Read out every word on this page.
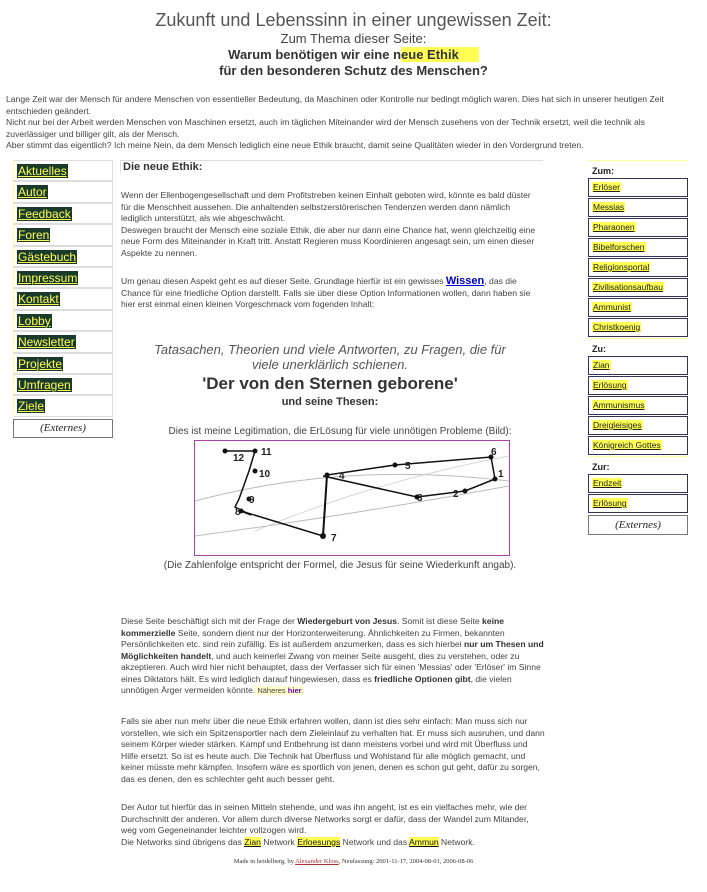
Zukunft und Lebenssinn in einer ungewissen Zeit:
Zum Thema dieser Seite:
Warum benötigen wir eine neue Ethik
für den besonderen Schutz des Menschen?
Lange Zeit war der Mensch für andere Menschen von essentieller Bedeutung, da Maschinen oder Kontrolle nur bedingt möglich waren. Dies hat sich in unserer heutigen Zeit entschieden geändert.
Nicht nur bei der Arbeit werden Menschen von Maschinen ersetzt, auch im täglichen Miteinander wird der Mensch zusehens von der Technik ersetzt, weil die technik als zuverlässiger und billiger gilt, als der Mensch.
Aber stimmt das eigentlich? Ich meine Nein, da dem Mensch lediglich eine neue Ethik braucht, damit seine Qualitäten wieder in den Vordergrund treten.
Aktuelles
Autor
Feedback
Foren
Gästebuch
Impressum
Kontakt
Lobby
Newsletter
Projekte
Umfragen
Ziele
(Externes)
Die neue Ethik:
Wenn der Ellenbogengesellschaft und dem Profitstreben keinen Einhalt geboten wird, könnte es bald düster für die Menschheit aussehen. Die anhaltenden selbstzerstörerischen Tendenzen werden dann nämlich lediglich unterstützt, als wie abgeschwächt.
Deswegen braucht der Mensch eine soziale Ethik, die aber nur dann eine Chance hat, wenn gleichzeitig eine neue Form des Miteinander in Kraft tritt. Anstatt Regieren muss Koordinieren angesagt sein, um einen dieser Aspekte zu nennen.
Um genau diesen Aspekt geht es auf dieser Seite. Grundlage hierfür ist ein gewisses Wissen, das die Chance für eine friedliche Option darstellt. Falls sie über diese Option Informationen wollen, dann haben sie hier erst einmal einen kleinen Vorgeschmack vom fogenden Inhalt:
Tatasachen, Theorien und viele Antworten, zu Fragen, die für viele unerklärlich schienen.
'Der von den Sternen geborene'
und seine Thesen:
Dies ist meine Legitimation, die ErLösung für viele unnötigen Probleme (Bild):
1
2
3
4
5
6
7
8
9
10
11
12
(Die Zahlenfolge entspricht der Formel, die Jesus für seine Wiederkunft angab).
Diese Seite beschäftigt sich mit der Frage der Wiedergeburt von Jesus. Somit ist diese Seite keine kommerzielle Seite, sondern dient nur der Horizonterweiterung. Ähnlichkeiten zu Firmen, bekannten Persönlichkeiten etc. sind rein zufällig. Es ist außerdem anzumerken, dass es sich hierbei nur um Thesen und Möglichkeiten handelt, und auch keinerlei Zwang von meiner Seite ausgeht, dies zu verstehen, oder zu akzeptieren. Auch wird hier nicht behauptet, dass der Verfasser sich für einen 'Messias' oder 'Erlöser' im Sinne eines Diktators hält. Es wird lediglich darauf hingewiesen, dass es friedliche Optionen gibt, die vielen unnötigen Ärger vermeiden könnte. Näheres hier.
Falls sie aber nun mehr über die neue Ethik erfahren wollen, dann ist dies sehr einfach: Man muss sich nur vorstellen, wie sich ein Spitzensportler nach dem Zieleinlauf zu verhalten hat. Er muss sich ausruhen, und dann seinem Körper wieder stärken. Kampf und Entbehrung ist dann meistens vorbei und wird mit Überfluss und Hilfe ersetzt. So ist es heute auch. Die Technik hat Überfluss und Wohlstand für alle möglich gemacht, und keiner müsste mehr kämpfen. Insofern wäre es sportlich von jenen, denen es schon gut geht, dafür zu sorgen, das es denen, den es schlechter geht auch besser geht.
Der Autor tut hierfür das in seinen Mitteln stehende, und was ihn angeht, ist es ein vielfaches mehr, wie der Durchschnitt der anderen. Vor allem durch diverse Networks sorgt er dafür, dass der Wandel zum Mitander, weg vom Gegeneinander leichter vollzogen wird.
Die Networks sind übrigens das Zian Network Erloesungs Network und das Ammun Network.
Made in heidelberg, by Alexander Kloss, Neufassung: 2001-11-17, 2004-08-01, 2006-08-06
Zum:
Erlöser
Messias
Pharaonen
Bibelforschen
Religionsportal
Zivilisationsaufbau
Ammunist
Christkoenig
Zu:
Zian
Erlösung
Ammunismus
Dreigleisiges
Königreich Gottes
Zur:
Endzeit
Erlösung
(Externes)
